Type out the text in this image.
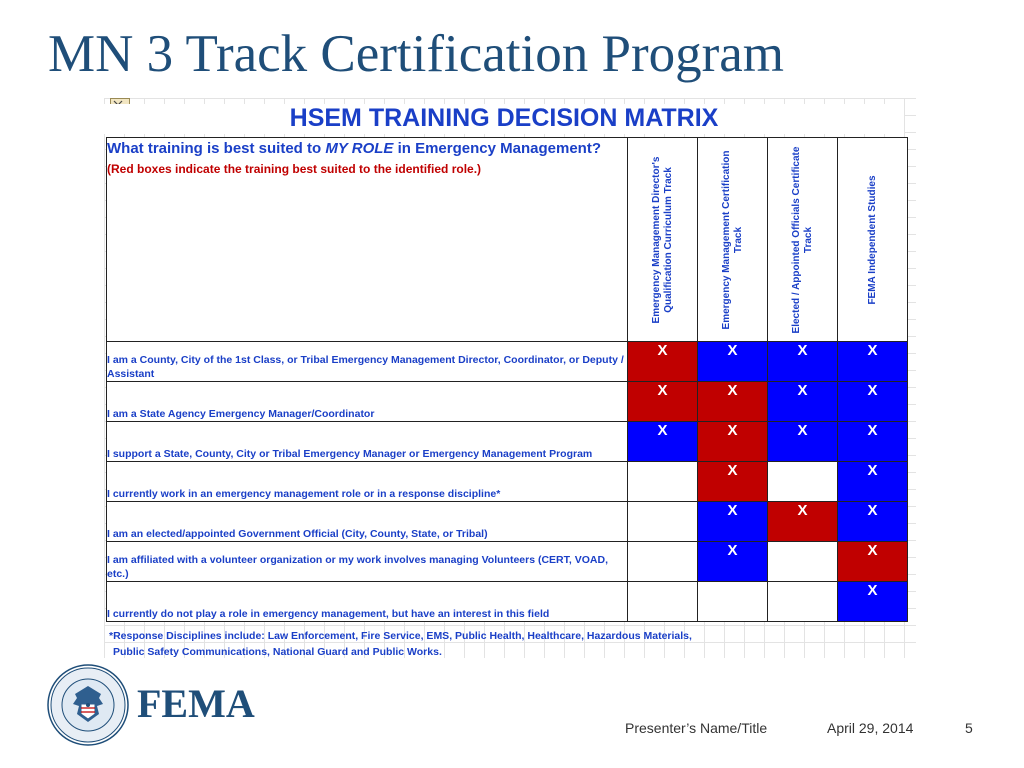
MN 3 Track Certification Program
HSEM TRAINING DECISION MATRIX
What training is best suited to MY ROLE in Emergency Management?
(Red boxes indicate the training best suited to the identified role.)	Emergency Management Director's Qualification Curriculum Track	Emergency Management Certification Track	Elected / Appointed Officials Certificate Track	FEMA Independent Studies

I am a County, City of the 1st Class, or Tribal Emergency Management Director, Coordinator, or Deputy / Assistant	X	X	X	X
I am a State Agency Emergency Manager/Coordinator	X	X	X	X
I support a State, County, City or Tribal Emergency Manager or Emergency Management Program	X	X	X	X
I currently work in an emergency management role or in a response discipline*		X		X
I am an elected/appointed Government Official (City, County, State, or Tribal)		X	X	X
I am affiliated with a volunteer organization or my work involves managing Volunteers (CERT, VOAD, etc.)		X		X
I currently do not play a role in emergency management, but have an interest in this field				X
*Response Disciplines include: Law Enforcement, Fire Service, EMS, Public Health, Healthcare, Hazardous Materials,
Public Safety Communications, National Guard and Public Works.
FEMA
Presenter’s Name/Title	April 29, 2014	5
